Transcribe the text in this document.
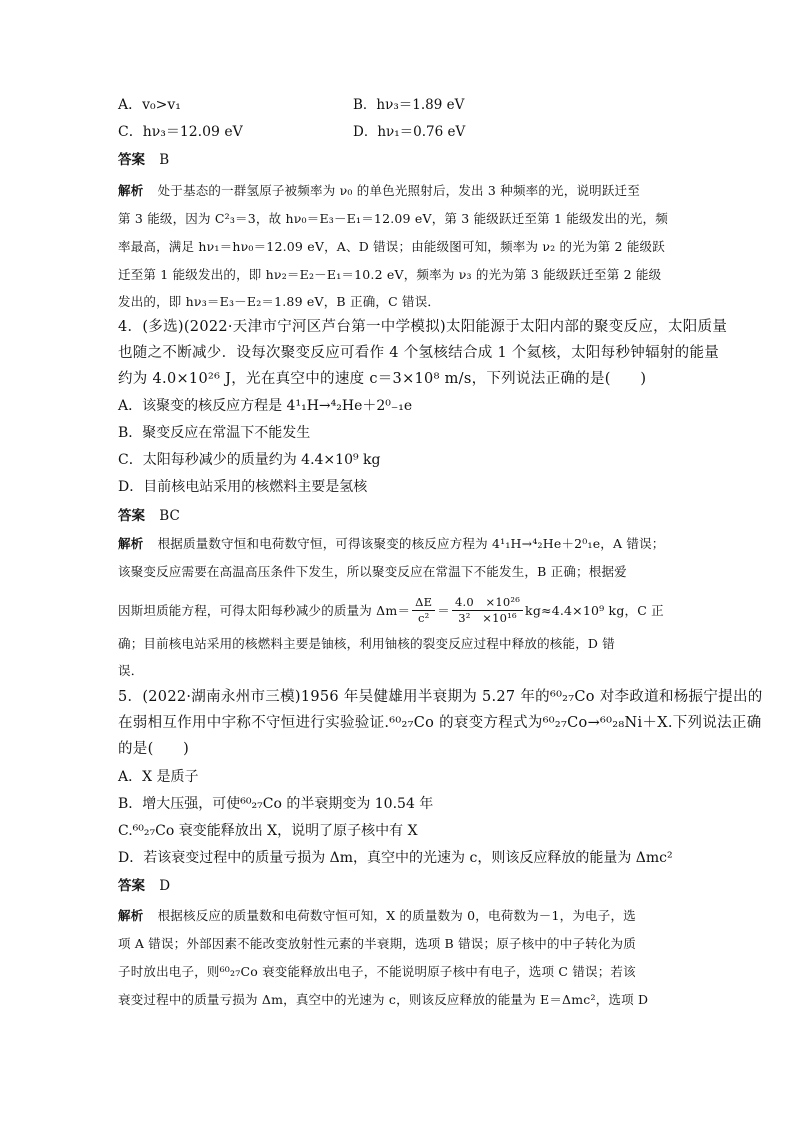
A．v₀>v₁	B．hν₃＝1.89 eV
C．hν₃＝12.09 eV	D．hν₁＝0.76 eV
答案 B
解析 处于基态的一群氢原子被频率为 ν₀ 的单色光照射后，发出 3 种频率的光，说明跃迁至
第 3 能级，因为 C²₃＝3，故 hν₀＝E₃－E₁＝12.09 eV，第 3 能级跃迁至第 1 能级发出的光，频
率最高，满足 hν₁＝hν₀＝12.09 eV，A、D 错误；由能级图可知，频率为 ν₂ 的光为第 2 能级跃
迁至第 1 能级发出的，即 hν₂＝E₂－E₁＝10.2 eV，频率为 ν₃ 的光为第 3 能级跃迁至第 2 能级
发出的，即 hν₃＝E₃－E₂＝1.89 eV，B 正确，C 错误．
4．(多选)(2022·天津市宁河区芦台第一中学模拟)太阳能源于太阳内部的聚变反应，太阳质量
也随之不断减少．设每次聚变反应可看作 4 个氢核结合成 1 个氦核，太阳每秒钟辐射的能量
约为 4.0×10²⁶ J，光在真空中的速度 c＝3×10⁸ m/s，下列说法正确的是(　　)
A．该聚变的核反应方程是 4¹₁H→⁴₂He＋2⁰₋₁e
B．聚变反应在常温下不能发生
C．太阳每秒减少的质量约为 4.4×10⁹ kg
D．目前核电站采用的核燃料主要是氢核
答案 BC
解析 根据质量数守恒和电荷数守恒，可得该聚变的核反应方程为 4¹₁H→⁴₂He＋2⁰₁e，A 错误；
该聚变反应需要在高温高压条件下发生，所以聚变反应在常温下不能发生，B 正确；根据爱
因斯坦质能方程，可得太阳每秒减少的质量为 $\Delta m= \frac{\Delta E}{\text{c²}} = \frac{\text{4.0　×10²⁶}}{\text{3²　×10¹⁶}} kg\approx 4.4\times 10^9$ kg，C 正
确；目前核电站采用的核燃料主要是铀核，利用铀核的裂变反应过程中释放的核能，D 错
误．
5．(2022·湖南永州市三模)1956 年吴健雄用半衰期为 5.27 年的⁶⁰₂₇Co 对李政道和杨振宁提出的
在弱相互作用中宇称不守恒进行实验验证.⁶⁰₂₇Co 的衰变方程式为⁶⁰₂₇Co→⁶⁰₂₈Ni＋X.下列说法正确
的是(　　)
A．X 是质子
B．增大压强，可使⁶⁰₂₇Co 的半衰期变为 10.54 年
C.⁶⁰₂₇Co 衰变能释放出 X，说明了原子核中有 X
D．若该衰变过程中的质量亏损为 Δm，真空中的光速为 c，则该反应释放的能量为 Δmc²
答案 D
解析 根据核反应的质量数和电荷数守恒可知，X 的质量数为 0，电荷数为－1，为电子，选
项 A 错误；外部因素不能改变放射性元素的半衰期，选项 B 错误；原子核中的中子转化为质
子时放出电子，则⁶⁰₂₇Co 衰变能释放出电子，不能说明原子核中有电子，选项 C 错误；若该
衰变过程中的质量亏损为 Δm，真空中的光速为 c，则该反应释放的能量为 E＝Δmc²，选项 D
